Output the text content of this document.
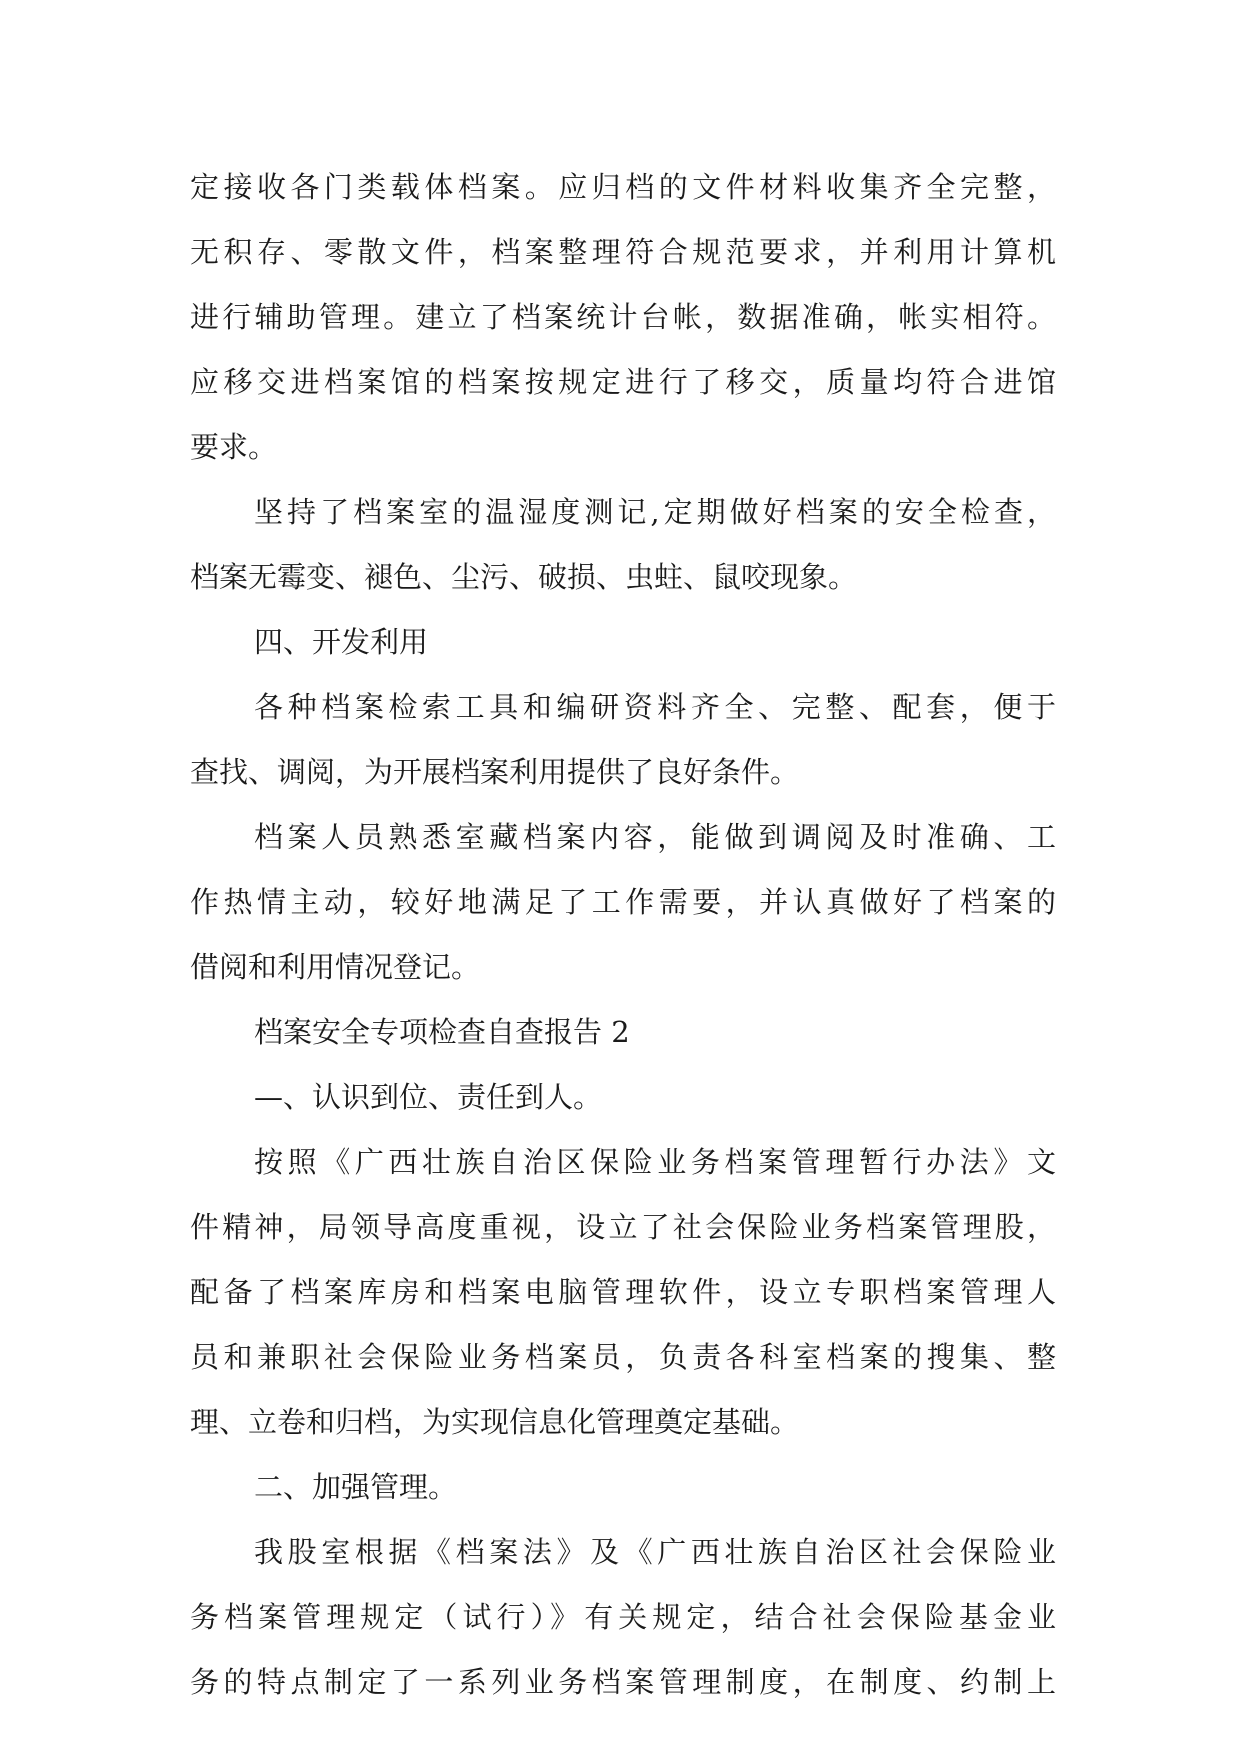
定接收各门类载体档案。应归档的文件材料收集齐全完整，
无积存、零散文件，档案整理符合规范要求，并利用计算机
进行辅助管理。建立了档案统计台帐，数据准确，帐实相符。
应移交进档案馆的档案按规定进行了移交，质量均符合进馆
要求。
坚持了档案室的温湿度测记,定期做好档案的安全检查，
档案无霉变、褪色、尘污、破损、虫蛀、鼠咬现象。
四、开发利用
各种档案检索工具和编研资料齐全、完整、配套，便于
查找、调阅，为开展档案利用提供了良好条件。
档案人员熟悉室藏档案内容，能做到调阅及时准确、工
作热情主动，较好地满足了工作需要，并认真做好了档案的
借阅和利用情况登记。
档案安全专项检查自查报告 2
—、认识到位、责任到人。
按照《广西壮族自治区保险业务档案管理暂行办法》文
件精神，局领导高度重视，设立了社会保险业务档案管理股，
配备了档案库房和档案电脑管理软件，设立专职档案管理人
员和兼职社会保险业务档案员，负责各科室档案的搜集、整
理、立卷和归档，为实现信息化管理奠定基础。
二、加强管理。
我股室根据《档案法》及《广西壮族自治区社会保险业
务档案管理规定（试行）》有关规定，结合社会保险基金业
务的特点制定了一系列业务档案管理制度，在制度、约制上
